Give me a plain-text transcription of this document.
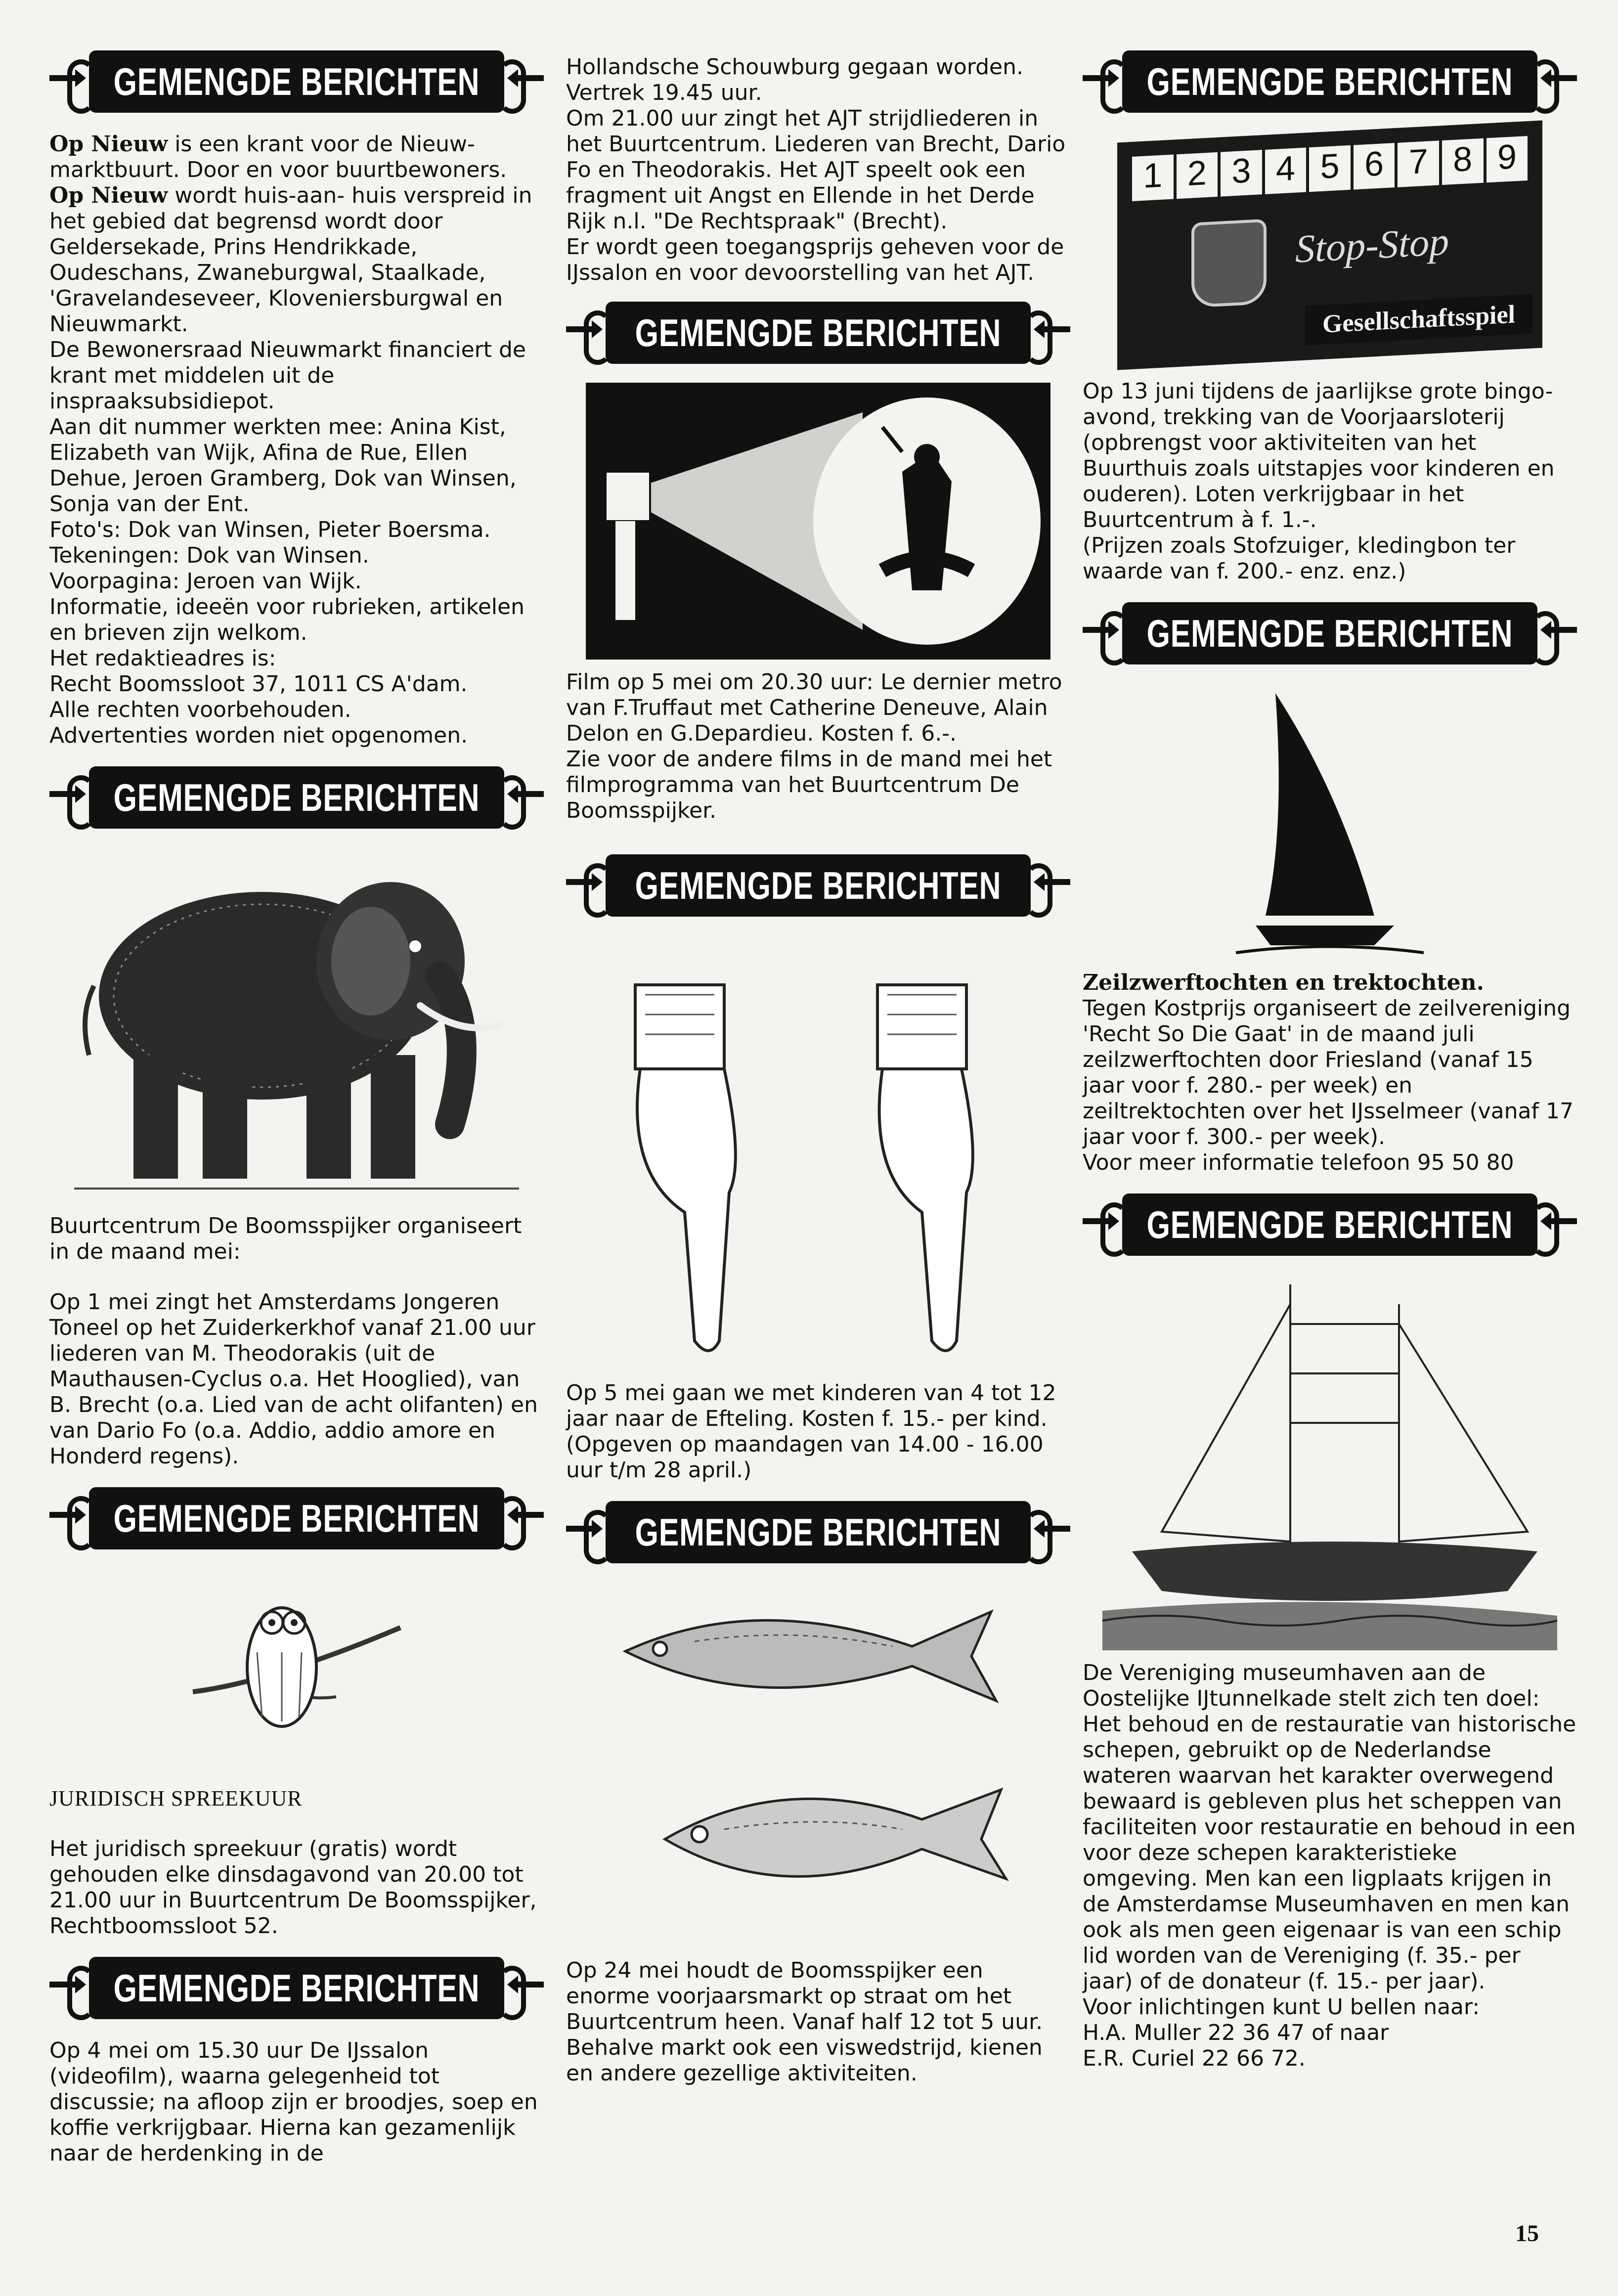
GEMENGDE BERICHTEN

Op Nieuw is een krant voor de Nieuw-marktbuurt. Door en voor buurtbewoners. Op Nieuw wordt huis-aan- huis verspreid in het gebied dat begrensd wordt door Geldersekade, Prins Hendrikkade, Oudeschans, Zwaneburgwal, Staalkade, 'Gravelandeseveer, Kloveniersburgwal en Nieuwmarkt.

De Bewonersraad Nieuwmarkt financiert de krant met middelen uit de inspraaksubsidiepot.

Aan dit nummer werkten mee: Anina Kist, Elizabeth van Wijk, Afina de Rue, Ellen Dehue, Jeroen Gramberg, Dok van Winsen, Sonja van der Ent.

Foto's: Dok van Winsen, Pieter Boersma.

Tekeningen: Dok van Winsen.

Voorpagina: Jeroen van Wijk.

Informatie, ideeën voor rubrieken, artikelen en brieven zijn welkom.

Het redaktieadres is:

Recht Boomssloot 37, 1011 CS A'dam.

Alle rechten voorbehouden.

Advertenties worden niet opgenomen.

GEMENGDE BERICHTEN

Buurtcentrum De Boomsspijker organiseert in de maand mei:

Op 1 mei zingt het Amsterdams Jongeren Toneel op het Zuiderkerkhof vanaf 21.00 uur liederen van M. Theodorakis (uit de Mauthausen-Cyclus o.a. Het Hooglied), van B. Brecht (o.a. Lied van de acht olifanten) en van Dario Fo (o.a. Addio, addio amore en Honderd regens).

GEMENGDE BERICHTEN

JURIDISCH SPREEKUUR

Het juridisch spreekuur (gratis) wordt gehouden elke dinsdagavond van 20.00 tot 21.00 uur in Buurtcentrum De Boomsspijker, Rechtboomssloot 52.

GEMENGDE BERICHTEN

Op 4 mei om 15.30 uur De IJssalon (videofilm), waarna gelegenheid tot discussie; na afloop zijn er broodjes, soep en koffie verkrijgbaar. Hierna kan gezamenlijk naar de herdenking in de

Hollandsche Schouwburg gegaan worden. Vertrek 19.45 uur.

Om 21.00 uur zingt het AJT strijdliederen in het Buurtcentrum. Liederen van Brecht, Dario Fo en Theodorakis. Het AJT speelt ook een fragment uit Angst en Ellende in het Derde Rijk n.l. "De Rechtspraak" (Brecht).

Er wordt geen toegangsprijs geheven voor de IJssalon en voor devoorstelling van het AJT.

GEMENGDE BERICHTEN

Film op 5 mei om 20.30 uur: Le dernier metro van F.Truffaut met Catherine Deneuve, Alain Delon en G.Depardieu. Kosten f. 6.-.

Zie voor de andere films in de mand mei het filmprogramma van het Buurtcentrum De Boomsspijker.

GEMENGDE BERICHTEN

Op 5 mei gaan we met kinderen van 4 tot 12 jaar naar de Efteling. Kosten f. 15.- per kind. (Opgeven op maandagen van 14.00 - 16.00 uur t/m 28 april.)

GEMENGDE BERICHTEN

Op 24 mei houdt de Boomsspijker een enorme voorjaarsmarkt op straat om het Buurtcentrum heen. Vanaf half 12 tot 5 uur. Behalve markt ook een viswedstrijd, kienen en andere gezellige aktiviteiten.

GEMENGDE BERICHTEN
1 2 3 4 5 6 7 8 9
Stop-Stop
Gesellschaftsspiel

Op 13 juni tijdens de jaarlijkse grote bingo-avond, trekking van de Voorjaarsloterij (opbrengst voor aktiviteiten van het Buurthuis zoals uitstapjes voor kinderen en ouderen). Loten verkrijgbaar in het Buurtcentrum à f. 1.-.

(Prijzen zoals Stofzuiger, kledingbon ter waarde van f. 200.- enz. enz.)

GEMENGDE BERICHTEN

Zeilzwerftochten en trektochten.

Tegen Kostprijs organiseert de zeilvereniging 'Recht So Die Gaat' in de maand juli zeilzwerftochten door Friesland (vanaf 15 jaar voor f. 280.- per week) en zeiltrektochten over het IJsselmeer (vanaf 17 jaar voor f. 300.- per week).

Voor meer informatie telefoon 95 50 80

GEMENGDE BERICHTEN

De Vereniging museumhaven aan de Oostelijke IJtunnelkade stelt zich ten doel: Het behoud en de restauratie van historische schepen, gebruikt op de Nederlandse wateren waarvan het karakter overwegend bewaard is gebleven plus het scheppen van faciliteiten voor restauratie en behoud in een voor deze schepen karakteristieke omgeving. Men kan een ligplaats krijgen in de Amsterdamse Museumhaven en men kan ook als men geen eigenaar is van een schip lid worden van de Vereniging (f. 35.- per jaar) of de donateur (f. 15.- per jaar).

Voor inlichtingen kunt U bellen naar:

H.A. Muller 22 36 47 of naar

E.R. Curiel 22 66 72.

15
